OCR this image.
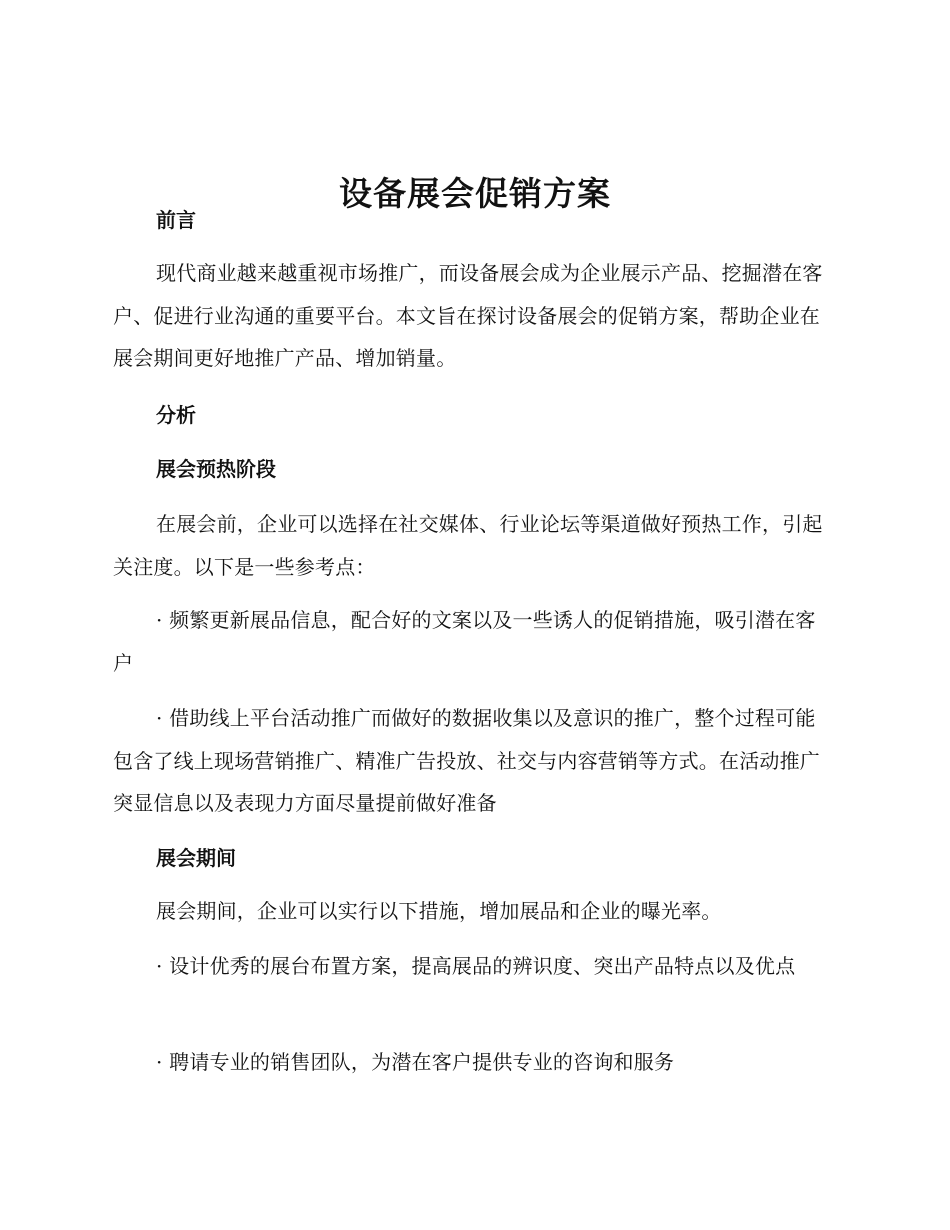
设备展会促销方案
前言

现代商业越来越重视市场推广，而设备展会成为企业展示产品、挖掘潜在客户、促进行业沟通的重要平台。本文旨在探讨设备展会的促销方案，帮助企业在展会期间更好地推广产品、增加销量。

分析
展会预热阶段

在展会前，企业可以选择在社交媒体、行业论坛等渠道做好预热工作，引起关注度。以下是一些参考点：

· 频繁更新展品信息，配合好的文案以及一些诱人的促销措施，吸引潜在客户

· 借助线上平台活动推广而做好的数据收集以及意识的推广，整个过程可能包含了线上现场营销推广、精准广告投放、社交与内容营销等方式。在活动推广突显信息以及表现力方面尽量提前做好准备

展会期间

展会期间，企业可以实行以下措施，增加展品和企业的曝光率。

· 设计优秀的展台布置方案，提高展品的辨识度、突出产品特点以及优点

· 聘请专业的销售团队，为潜在客户提供专业的咨询和服务
